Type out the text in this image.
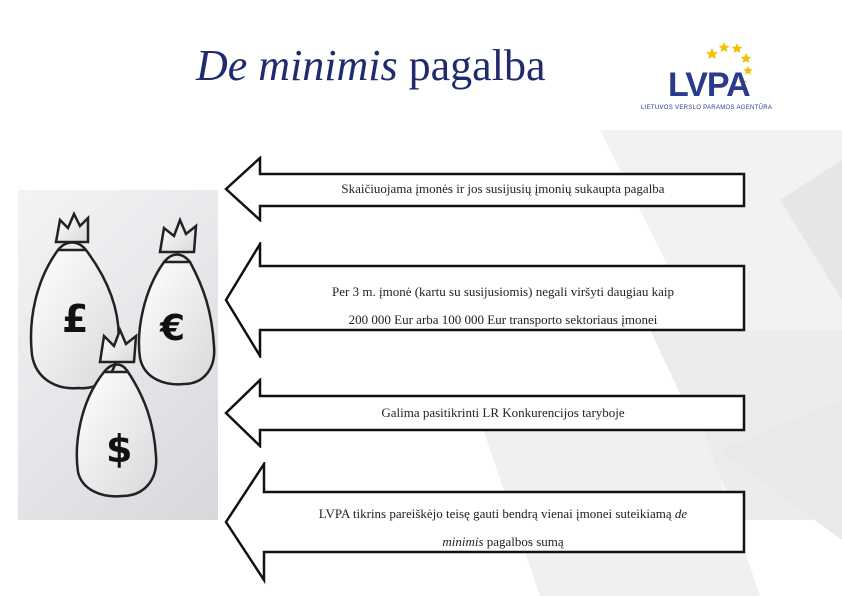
De minimis pagalba	LVPA
LIETUVOS VERSLO PARAMOS AGENTŪRA
£ €
$

Skaičiuojama įmonės ir jos susijusių įmonių sukaupta pagalba

Per 3 m. įmonė (kartu su susijusiomis) negali viršyti daugiau kaip

200 000 Eur arba 100 000 Eur transporto sektoriaus įmonei

Galima pasitikrinti LR Konkurencijos taryboje

LVPA tikrins pareiškėjo teisę gauti bendrą vienai įmonei suteikiamą de

minimis pagalbos sumą
